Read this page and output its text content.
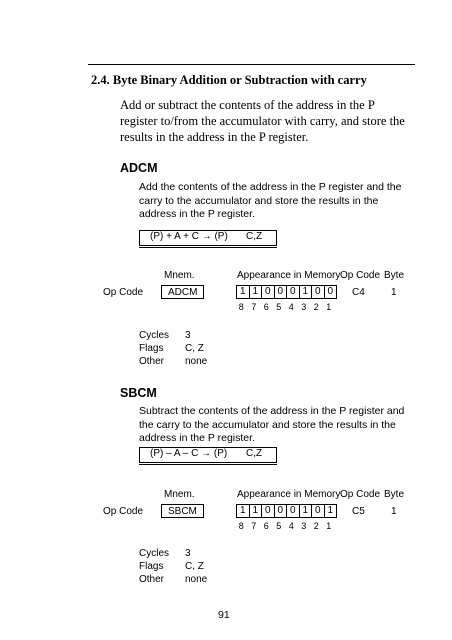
2.4. Byte Binary Addition or Subtraction with carry
Add or subtract the contents of the address in the P register to/from the accumulator with carry, and store the results in the address in the P register.
ADCM
Add the contents of the address in the P register and the carry to the accumulator and store the results in the address in the P register.
(P) + A + C → (P) C,Z
Mnem.	Appearance in Memory Op Code Byte
Op Code	ADCM	1 1 0 0 0 1 0 0 C4	1
8 7 6 5 4 3 2 1
Cycles 3
Flags C, Z
Other none
SBCM
Subtract the contents of the address in the P register and the carry to the accumulator and store the results in the address in the P register.
(P) – A – C → (P) C,Z
Mnem.	Appearance in Memory Op Code Byte
Op Code	SBCM	1 1 0 0 0 1 0 1 C5	1
8 7 6 5 4 3 2 1
Cycles 3
Flags C, Z
Other none
91
